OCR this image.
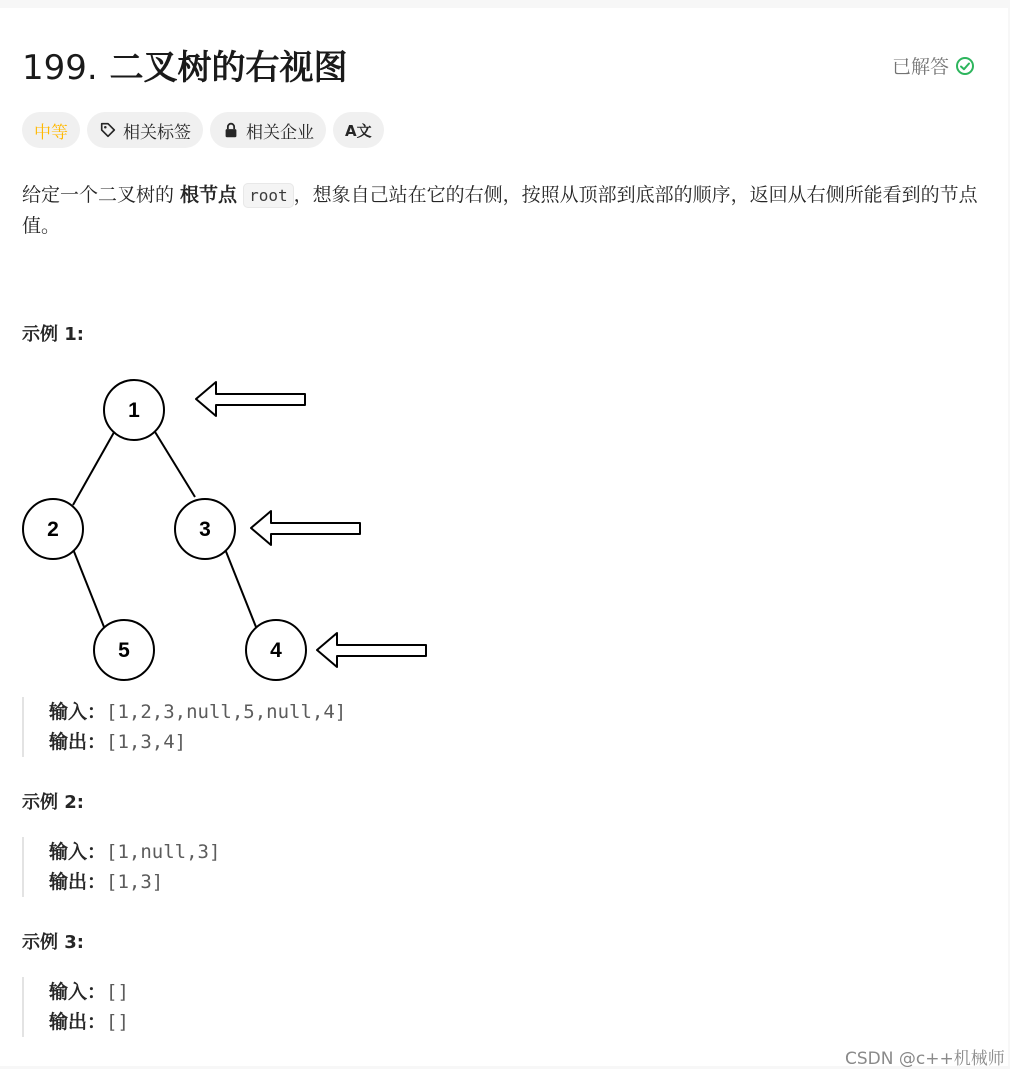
199. 二叉树的右视图	已解答
中等	相关标签	相关企业 A文

给定一个二叉树的 根节点 root ，想象自己站在它的右侧，按照从顶部到底部的顺序，返回从右侧所能看到的节点值。

示例 1:
1
2	3
5	4
输入：[1,2,3,null,5,null,4]
输出：[1,3,4]
示例 2:
输入：[1,null,3]
输出：[1,3]
示例 3:
输入：[]
输出：[]
CSDN @c++机械师
